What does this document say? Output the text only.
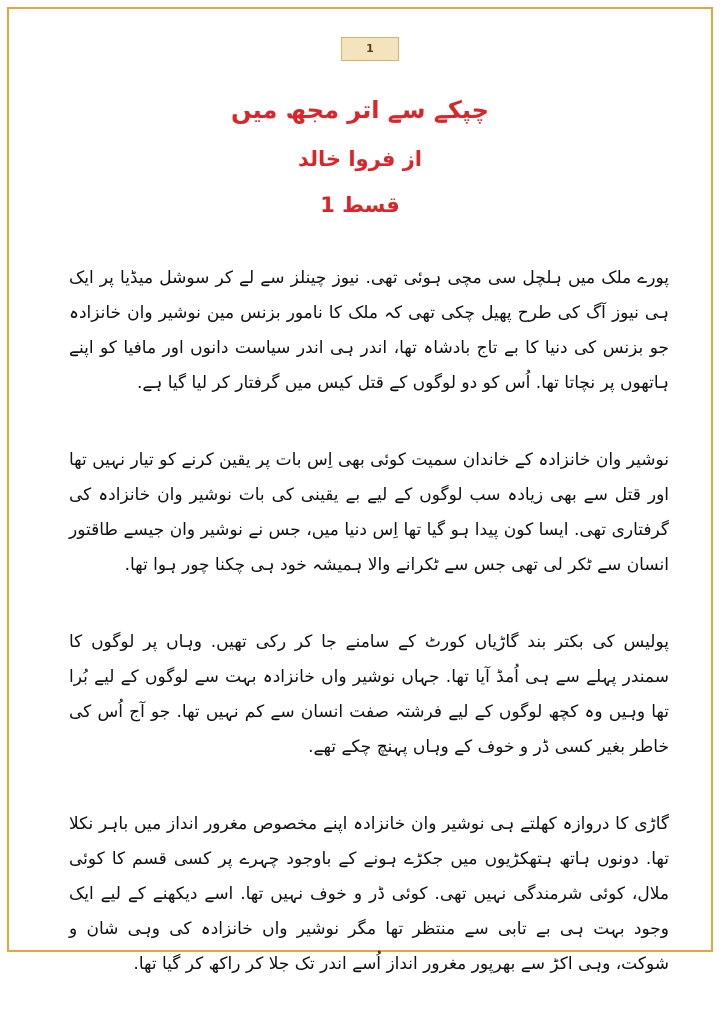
1
چپکے سے اتر مجھ میں
از فروا خالد
قسط 1

پورے ملک میں ہلچل سی مچی ہوئی تھی. نیوز چینلز سے لے کر سوشل میڈیا پر ایک ہی نیوز آگ کی طرح پھیل چکی تھی کہ ملک کا نامور بزنس مین نوشیر وان خانزادہ جو بزنس کی دنیا کا بے تاج بادشاہ تھا، اندر ہی اندر سیاست دانوں اور مافیا کو اپنے ہاتھوں پر نچاتا تھا. اُس کو دو لوگوں کے قتل کیس میں گرفتار کر لیا گیا ہے.

نوشیر وان خانزادہ کے خاندان سمیت کوئی بھی اِس بات پر یقین کرنے کو تیار نہیں تھا اور قتل سے بھی زیادہ سب لوگوں کے لیے بے یقینی کی بات نوشیر وان خانزادہ کی گرفتاری تھی. ایسا کون پیدا ہو گیا تھا اِس دنیا میں، جس نے نوشیر وان جیسے طاقتور انسان سے ٹکر لی تھی جس سے ٹکرانے والا ہمیشہ خود ہی چکنا چور ہوا تھا.

پولیس کی بکتر بند گاڑیاں کورٹ کے سامنے جا کر رکی تھیں. وہاں پر لوگوں کا سمندر پہلے سے ہی اُمڈ آیا تھا. جہاں نوشیر واں خانزادہ بہت سے لوگوں کے لیے بُرا تھا وہیں وہ کچھ لوگوں کے لیے فرشتہ صفت انسان سے کم نہیں تھا. جو آج اُس کی خاطر بغیر کسی ڈر و خوف کے وہاں پہنچ چکے تھے.

گاڑی کا دروازہ کھلتے ہی نوشیر وان خانزادہ اپنے مخصوص مغرور انداز میں باہر نکلا تھا. دونوں ہاتھ ہتھکڑیوں میں جکڑے ہونے کے باوجود چہرے پر کسی قسم کا کوئی ملال، کوئی شرمندگی نہیں تھی. کوئی ڈر و خوف نہیں تھا. اسے دیکھنے کے لیے ایک وجود بہت ہی بے تابی سے منتظر تھا مگر نوشیر واں خانزادہ کی وہی شان و شوکت، وہی اکڑ سے بھرپور مغرور انداز اُسے اندر تک جلا کر راکھ کر گیا تھا.
